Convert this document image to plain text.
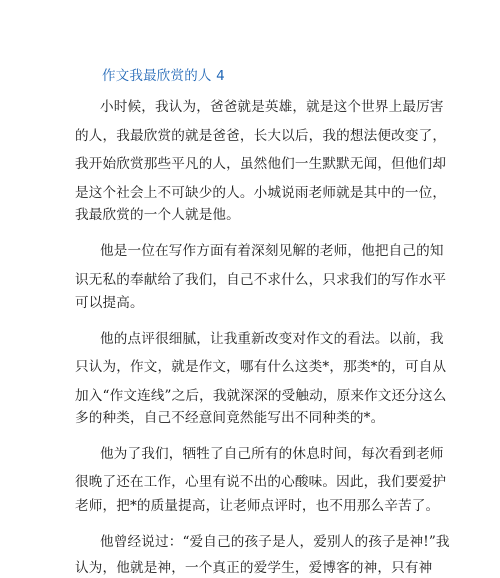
作文我最欣赏的人 4
小时候，我认为，爸爸就是英雄，就是这个世界上最厉害
的人，我最欣赏的就是爸爸，长大以后，我的想法便改变了，
我开始欣赏那些平凡的人，虽然他们一生默默无闻，但他们却
是这个社会上不可缺少的人。小城说雨老师就是其中的一位，
我最欣赏的一个人就是他。
他是一位在写作方面有着深刻见解的老师，他把自己的知
识无私的奉献给了我们，自己不求什么，只求我们的写作水平
可以提高。
他的点评很细腻，让我重新改变对作文的看法。以前，我
只认为，作文，就是作文，哪有什么这类*，那类*的，可自从
加入“作文连线”之后，我就深深的受触动，原来作文还分这么
多的种类，自己不经意间竟然能写出不同种类的*。
他为了我们，牺牲了自己所有的休息时间，每次看到老师
很晚了还在工作，心里有说不出的心酸味。因此，我们要爱护
老师，把*的质量提高，让老师点评时，也不用那么辛苦了。
他曾经说过：“爱自己的孩子是人，爱别人的孩子是神!”我
认为，他就是神，一个真正的爱学生，爱博客的神，只有神
